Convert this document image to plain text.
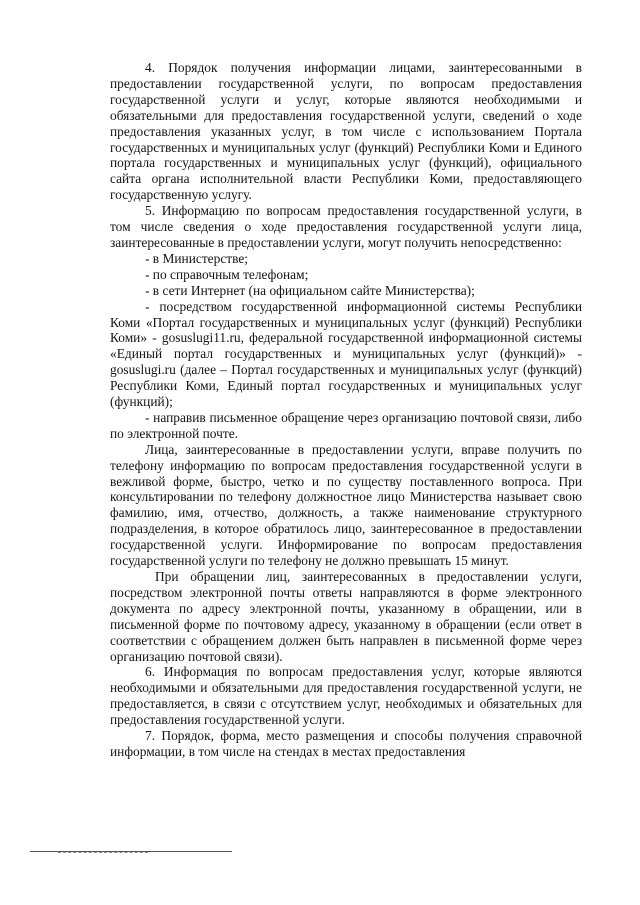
4. Порядок получения информации лицами, заинтересованными в предоставлении государственной услуги, по вопросам предоставления государственной услуги и услуг, которые являются необходимыми и обязательными для предоставления государственной услуги, сведений о ходе предоставления указанных услуг, в том числе с использованием Портала государственных и муниципальных услуг (функций) Республики Коми и Единого портала государственных и муниципальных услуг (функций), официального сайта органа исполнительной власти Республики Коми, предоставляющего государственную услугу.

5. Информацию по вопросам предоставления государственной услуги, в том числе сведения о ходе предоставления государственной услуги лица, заинтересованные в предоставлении услуги, могут получить непосредственно:

- в Министерстве;

- по справочным телефонам;

- в сети Интернет (на официальном сайте Министерства);

- посредством государственной информационной системы Республики Коми «Портал государственных и муниципальных услуг (функций) Республики Коми» - gosuslugi11.ru, федеральной государственной информационной системы «Единый портал государственных и муниципальных услуг (функций)» - gosuslugi.ru (далее – Портал государственных и муниципальных услуг (функций) Республики Коми, Единый портал государственных и муниципальных услуг (функций);

- направив письменное обращение через организацию почтовой связи, либо по электронной почте.

Лица, заинтересованные в предоставлении услуги, вправе получить по телефону информацию по вопросам предоставления государственной услуги в вежливой форме, быстро, четко и по существу поставленного вопроса. При консультировании по телефону должностное лицо Министерства называет свою фамилию, имя, отчество, должность, а также наименование структурного подразделения, в которое обратилось лицо, заинтересованное в предоставлении государственной услуги. Информирование по вопросам предоставления государственной услуги по телефону не должно превышать 15 минут.

При обращении лиц, заинтересованных в предоставлении услуги, посредством электронной почты ответы направляются в форме электронного документа по адресу электронной почты, указанному в обращении, или в письменной форме по почтовому адресу, указанному в обращении (если ответ в соответствии с обращением должен быть направлен в письменной форме через организацию почтовой связи).

6. Информация по вопросам предоставления услуг, которые являются необходимыми и обязательными для предоставления государственной услуги, не предоставляется, в связи с отсутствием услуг, необходимых и обязательных для предоставления государственной услуги.

7. Порядок, форма, место размещения и способы получения справочной информации, в том числе на стендах в местах предоставления
